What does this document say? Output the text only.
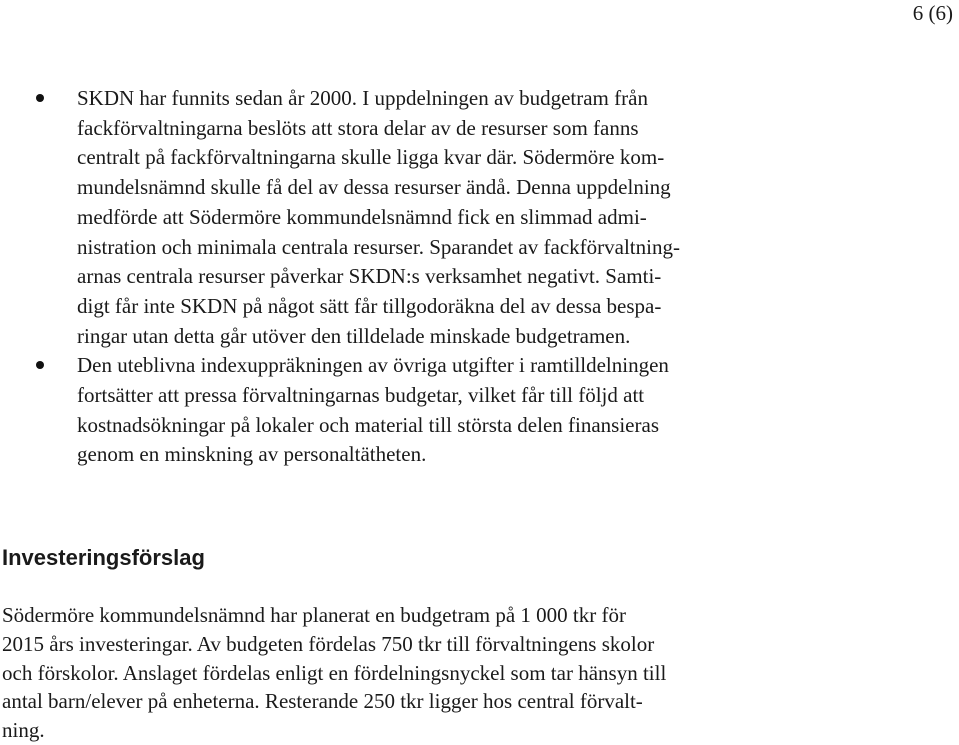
6 (6)
SKDN har funnits sedan år 2000. I uppdelningen av budgetram från
fackförvaltningarna beslöts att stora delar av de resurser som fanns
centralt på fackförvaltningarna skulle ligga kvar där. Södermöre kom-
mundelsnämnd skulle få del av dessa resurser ändå. Denna uppdelning
medförde att Södermöre kommundelsnämnd fick en slimmad admi-
nistration och minimala centrala resurser. Sparandet av fackförvaltning-
arnas centrala resurser påverkar SKDN:s verksamhet negativt. Samti-
digt får inte SKDN på något sätt får tillgodoräkna del av dessa bespa-
ringar utan detta går utöver den tilldelade minskade budgetramen.
Den uteblivna indexuppräkningen av övriga utgifter i ramtilldelningen
fortsätter att pressa förvaltningarnas budgetar, vilket får till följd att
kostnadsökningar på lokaler och material till största delen finansieras
genom en minskning av personaltätheten.
Investeringsförslag

Södermöre kommundelsnämnd har planerat en budgetram på 1 000 tkr för
2015 års investeringar. Av budgeten fördelas 750 tkr till förvaltningens skolor
och förskolor. Anslaget fördelas enligt en fördelningsnyckel som tar hänsyn till
antal barn/elever på enheterna. Resterande 250 tkr ligger hos central förvalt-
ning.
